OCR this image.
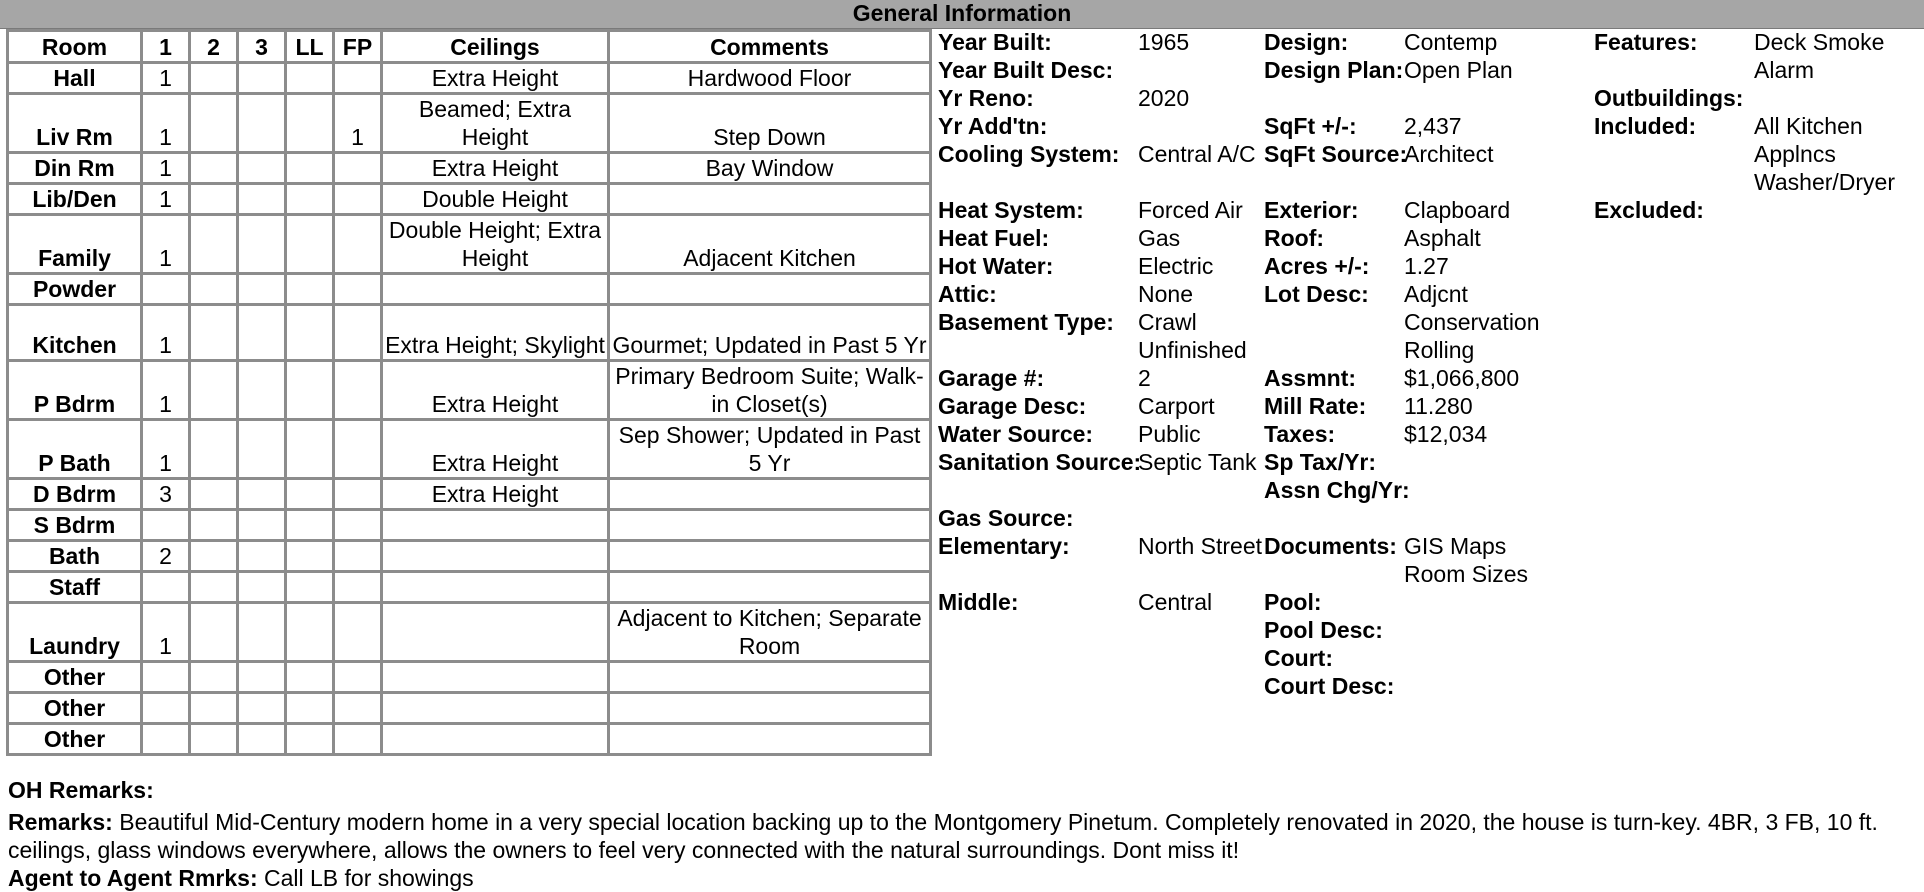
General Information
Room	1	2	3	LL	FP	Ceilings	Comments
Hall	1					Extra Height	Hardwood Floor
Liv Rm	1				1	Beamed; Extra Height	Step Down
Din Rm	1					Extra Height	Bay Window
Lib/Den	1					Double Height	
Family	1					Double Height; Extra Height	Adjacent Kitchen
Powder							
Kitchen	1					Extra Height; Skylight	Gourmet; Updated in Past 5 Yr
P Bdrm	1					Extra Height	Primary Bedroom Suite; Walk-in Closet(s)
P Bath	1					Extra Height	Sep Shower; Updated in Past 5 Yr
D Bdrm	3					Extra Height	
S Bdrm							
Bath	2						
Staff							
Laundry	1						Adjacent to Kitchen; Separate Room
Other							
Other							
Other							
Year Built:	1965
Year Built Desc:
Yr Reno:	2020
Yr Add'tn:
Cooling System: Central A/C
Heat System: Forced Air
Heat Fuel:	Gas
Hot Water:	Electric
Attic:	None
Basement Type: Crawl Unfinished
Garage #:	2
Garage Desc: Carport
Water Source: Public
Sanitation Source:
Septic Tank
Gas Source:
Elementary:	North Street
Middle:	Central
Design: Contemp
Design Plan: Open Plan
SqFt +/-: 2,437
SqFt Source:
Architect
Exterior: Clapboard
Roof:	Asphalt
Acres +/-: 1.27
Lot Desc: Adjcnt Conservation Rolling
Assmnt: $1,066,800
Mill Rate: 11.280
Taxes:	$12,034
Sp Tax/Yr:
Assn Chg/Yr:
Documents: GIS Maps Room Sizes
Pool:
Pool Desc:
Court:
Court Desc:
Features: Deck Smoke Alarm
Outbuildings:
Included:	All Kitchen Applncs Washer/Dryer
Excluded:
OH Remarks:
Remarks: Beautiful Mid-Century modern home in a very special location backing up to the Montgomery Pinetum. Completely renovated in 2020, the house is turn-key. 4BR, 3 FB, 10 ft. ceilings, glass windows everywhere, allows the owners to feel very connected with the natural surroundings. Dont miss it!
Agent to Agent Rmrks: Call LB for showings
